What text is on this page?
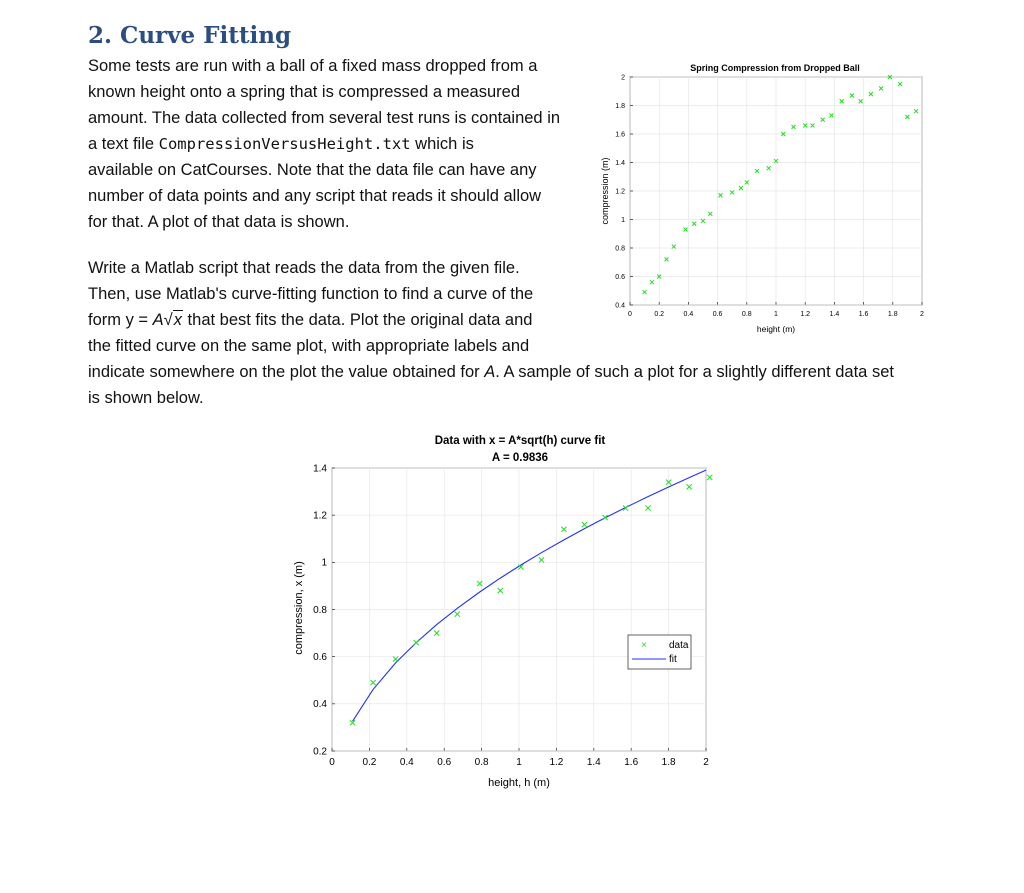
2. Curve Fitting

Some tests are run with a ball of a fixed mass dropped from a
known height onto a spring that is compressed a measured
amount. The data collected from several test runs is contained in
a text file CompressionVersusHeight.txt which is
available on CatCourses. Note that the data file can have any
number of data points and any script that reads it should allow
for that. A plot of that data is shown.

Write a Matlab script that reads the data from the given file.
Then, use Matlab's curve-fitting function to find a curve of the
form y = A√x that best fits the data. Plot the original data and
the fitted curve on the same plot, with appropriate labels and
indicate somewhere on the plot the value obtained for A. A sample of such a plot for a slightly different data set
is shown below.

Spring Compression from Dropped Ball
0	0.2	0.4	0.6	0.8	1	1.2	1.4	1.6	1.8	2
0.4
0.6
0.8
1
1.2
1.4
1.6
1.8
2
height (m)
compression (m)
Data with x = A*sqrt(h) curve fit
A = 0.9836
0	0.2 0.4 0.6 0.8	1	1.2 1.4 1.6 1.8	2
0.2
0.4
0.6
0.8
1
1.2
1.4
× data
fit
height, h (m)
compression, x (m)
